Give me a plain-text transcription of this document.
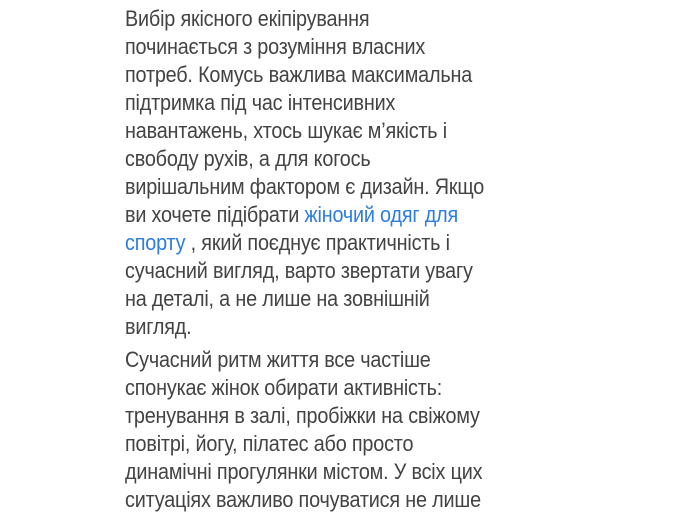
Вибір якісного екіпірування
починається з розуміння власних
потреб. Комусь важлива максимальна
підтримка під час інтенсивних
навантажень, хтось шукає м’якість і
свободу рухів, а для когось
вирішальним фактором є дизайн. Якщо
ви хочете підібрати жіночий одяг для
спорту , який поєднує практичність і
сучасний вигляд, варто звертати увагу
на деталі, а не лише на зовнішній
вигляд.
Сучасний ритм життя все частіше
спонукає жінок обирати активність:
тренування в залі, пробіжки на свіжому
повітрі, йогу, пілатес або просто
динамічні прогулянки містом. У всіх цих
ситуаціях важливо почуватися не лише
